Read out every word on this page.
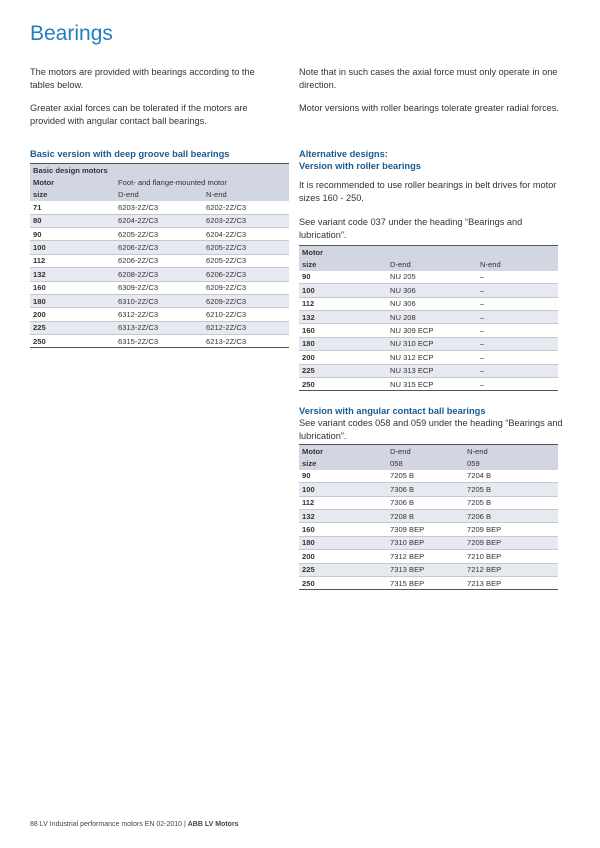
Bearings

The motors are provided with bearings according to the tables below.

Greater axial forces can be tolerated if the motors are provided with angular contact ball bearings.

Note that in such cases the axial force must only operate in one direction.

Motor versions with roller bearings tolerate greater radial forces.

Basic version with deep groove ball bearings
Basic design motors		
Motor	Foot- and flange-mounted motor	
size	D-end	N-end
71	6203-2Z/C3	6202-2Z/C3
80	6204-2Z/C3	6203-2Z/C3
90	6205-2Z/C3	6204-2Z/C3
100	6206-2Z/C3	6205-2Z/C3
112	6206-2Z/C3	6205-2Z/C3
132	6208-2Z/C3	6206-2Z/C3
160	6309-2Z/C3	6209-2Z/C3
180	6310-2Z/C3	6209-2Z/C3
200	6312-2Z/C3	6210-2Z/C3
225	6313-2Z/C3	6212-2Z/C3
250	6315-2Z/C3	6213-2Z/C3
Alternative designs:
Version with roller bearings

It is recommended to use roller bearings in belt drives for motor sizes 160 - 250.

See variant code 037 under the heading “Bearings and lubrication”.

Motor		
size	D-end	N-end
90	NU 205	–
100	NU 306	–
112	NU 306	–
132	NU 208	–
160	NU 309 ECP	–
180	NU 310 ECP	–
200	NU 312 ECP	–
225	NU 313 ECP	–
250	NU 315 ECP	–
Version with angular contact ball bearings

See variant codes 058 and 059 under the heading “Bearings and lubrication”.

Motor	D-end	N-end
size	058	059
90	7205 B	7204 B
100	7306 B	7205 B
112	7306 B	7205 B
132	7208 B	7206 B
160	7309 BEP	7209 BEP
180	7310 BEP	7209 BEP
200	7312 BEP	7210 BEP
225	7313 BEP	7212 BEP
250	7315 BEP	7213 BEP
88 LV Industrial performance motors EN 02-2010 | ABB LV Motors
